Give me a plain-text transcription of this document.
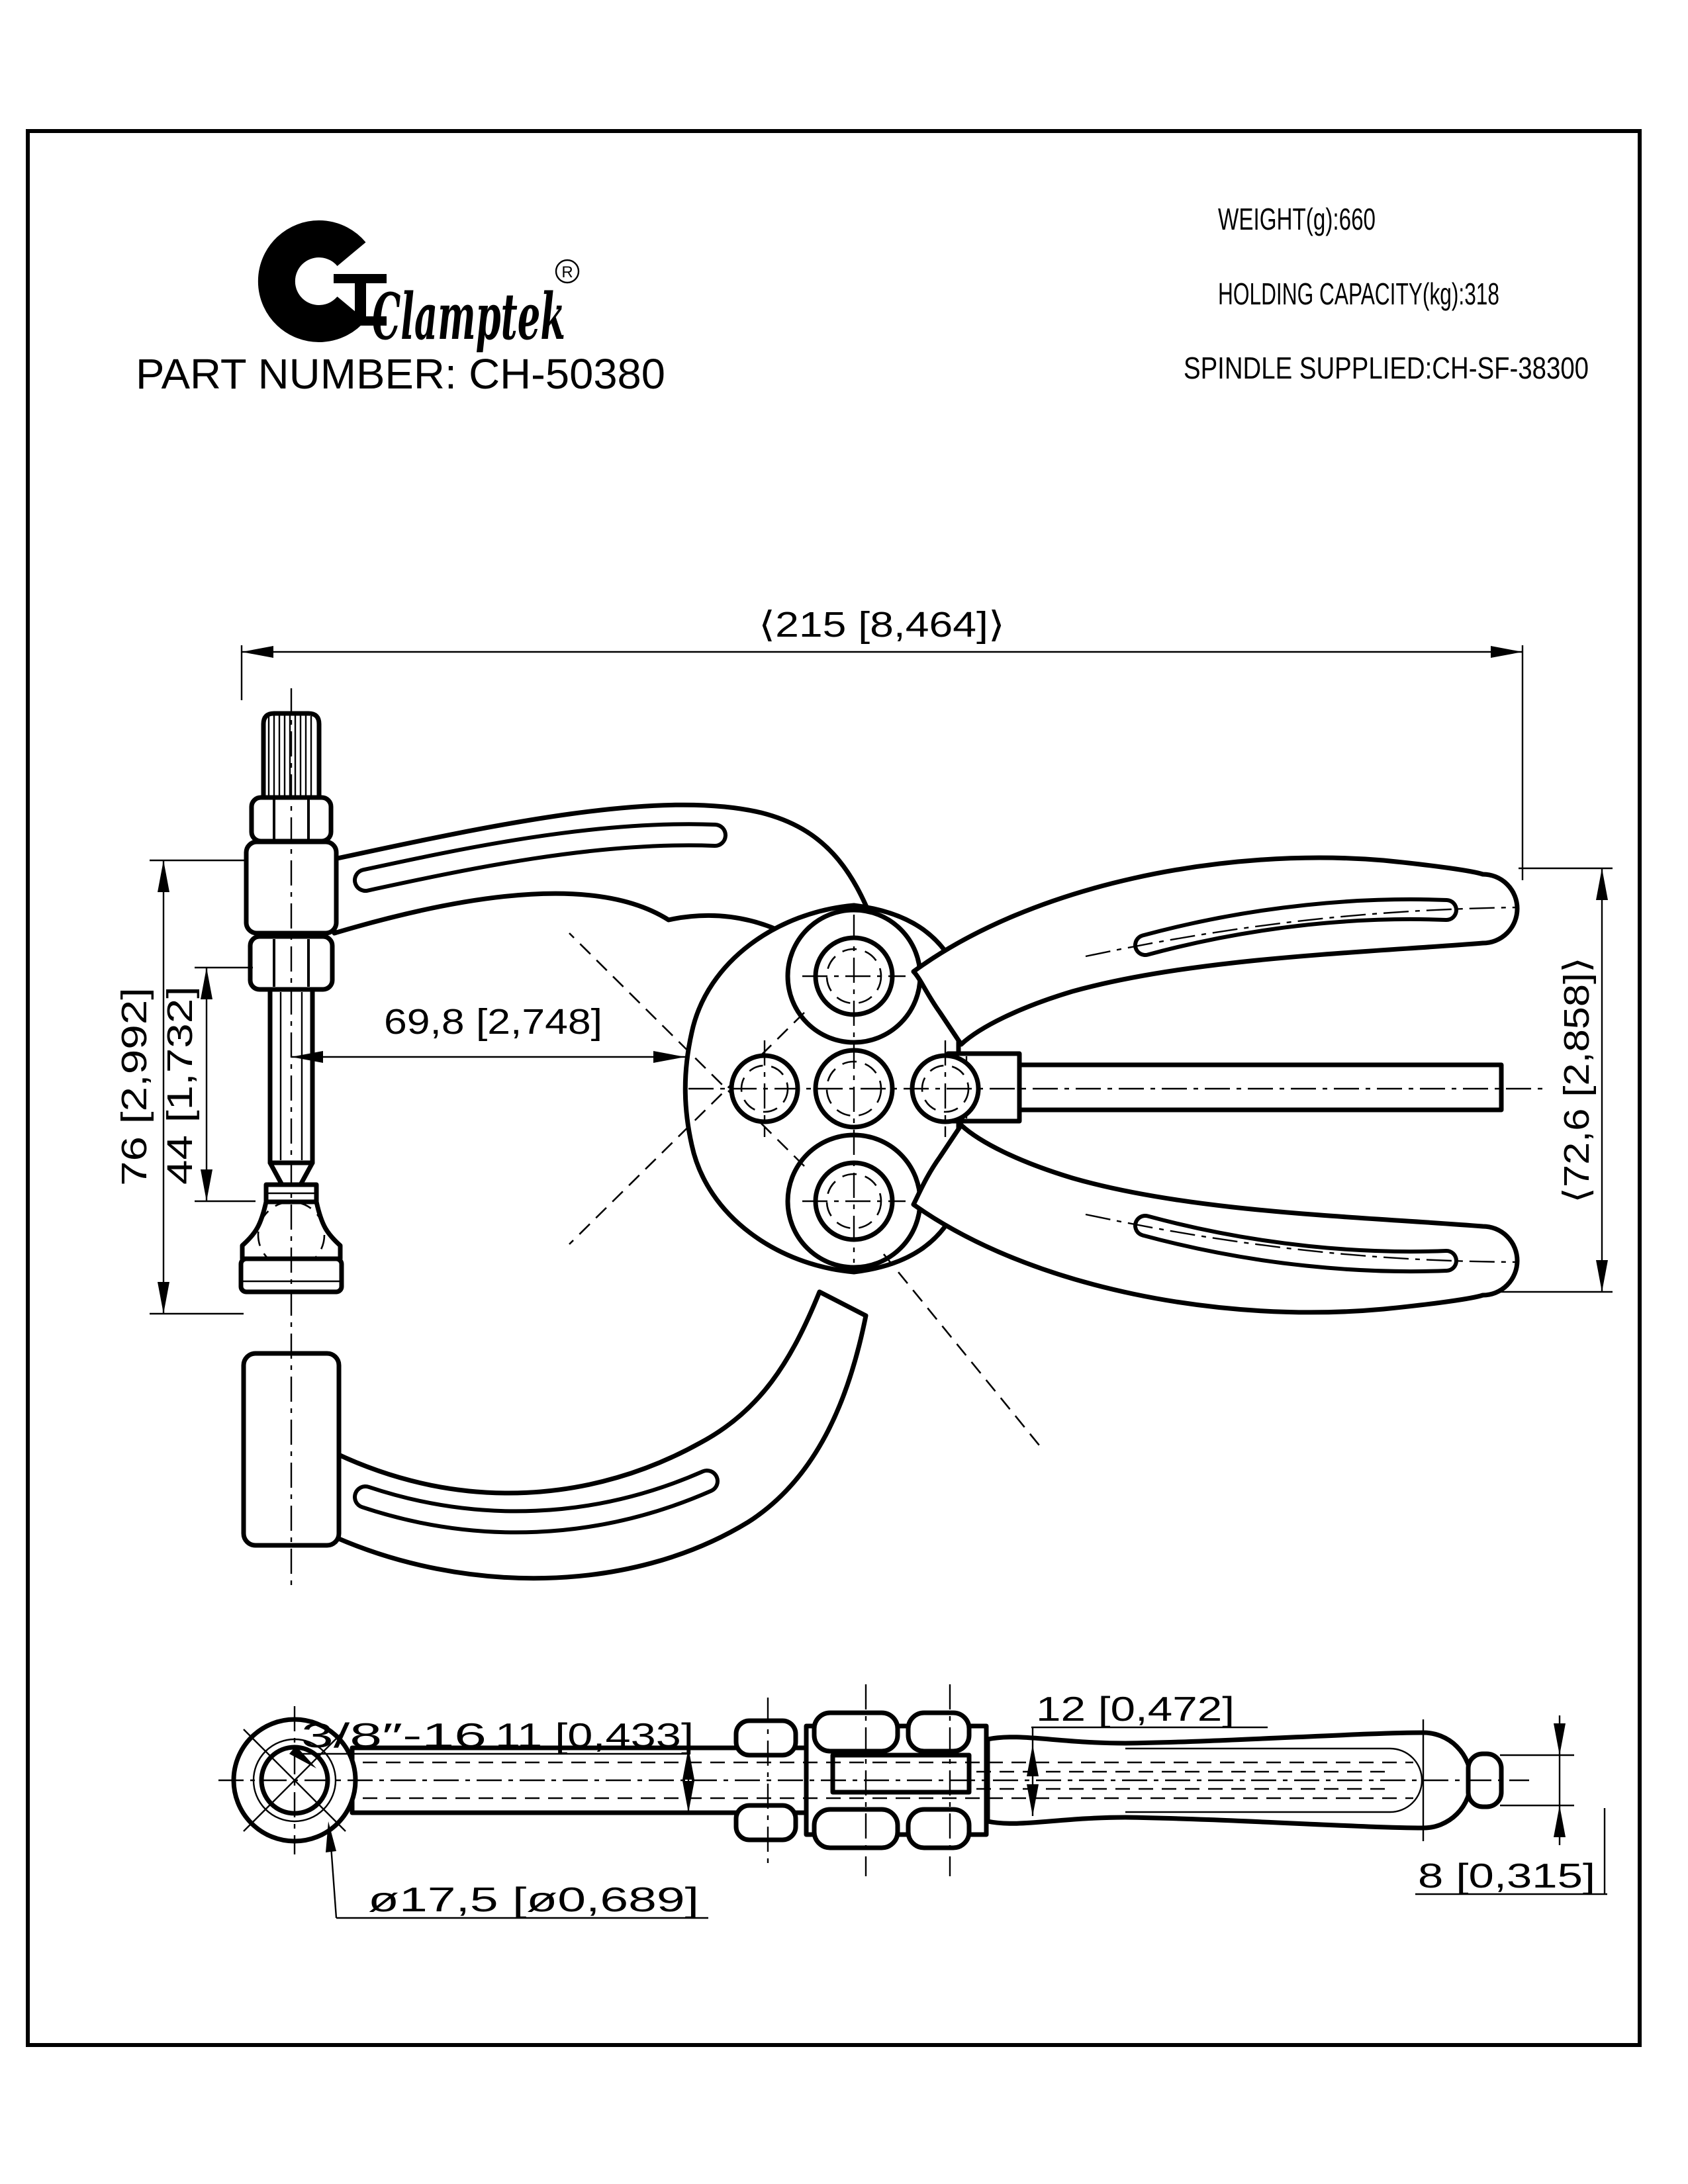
Clamptek
R
PART NUMBER: CH-50380
WEIGHT(g):660
HOLDING CAPACITY(kg):318
SPINDLE SUPPLIED:CH-SF-38300
⟨215 [8,464]⟩
76 [2,992] 44 [1,732]
69,8 [2,748]	⟨72,6 [2,858]⟩
3/8″-16 11 [0,433]
12 [0,472]
8 [0,315]
ø17,5 [ø0,689]
